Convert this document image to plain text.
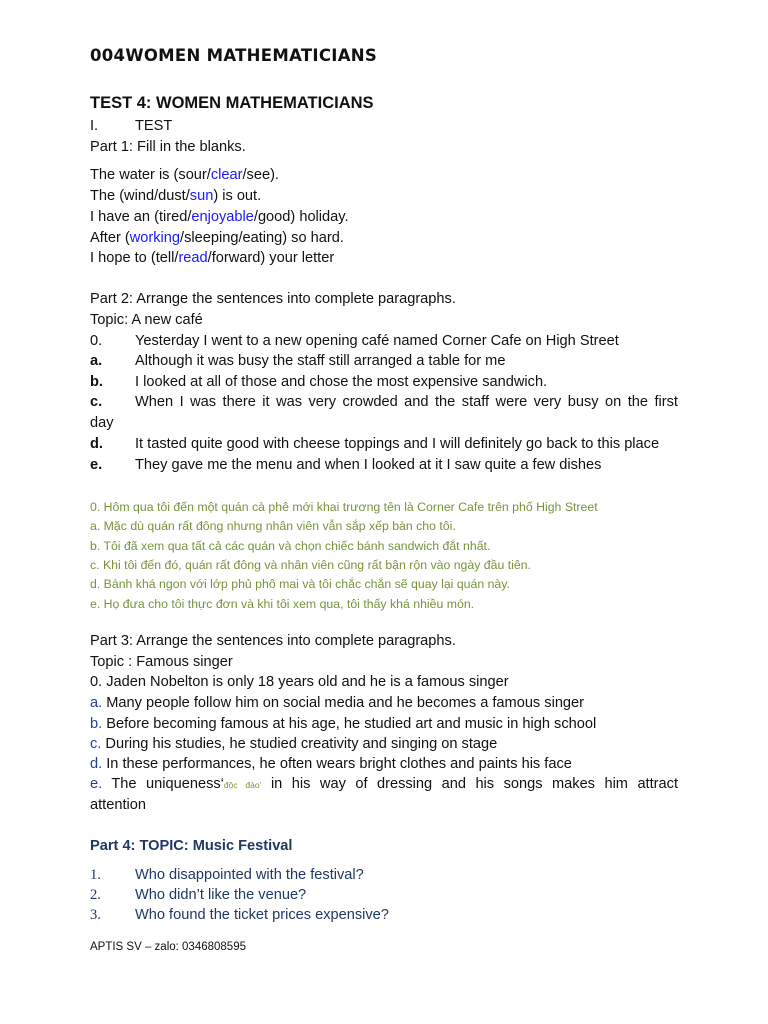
004WOMEN MATHEMATICIANS
TEST 4: WOMEN MATHEMATICIANS
I.	TEST
Part 1: Fill in the blanks.
The water is (sour/clear/see).
The (wind/dust/sun) is out.
I have an (tired/enjoyable/good) holiday.
After (working/sleeping/eating) so hard.
I hope to (tell/read/forward) your letter
Part 2: Arrange the sentences into complete paragraphs.
Topic: A new café
0. Yesterday I went to a new opening café named Corner Cafe on High Street
a. Although it was busy the staff still arranged a table for me
b. I looked at all of those and chose the most expensive sandwich.
c. When I was there it was very crowded and the staff were very busy on the first
day
d. It tasted quite good with cheese toppings and I will definitely go back to this place
e. They gave me the menu and when I looked at it I saw quite a few dishes
0. Hôm qua tôi đến một quán cà phê mới khai trương tên là Corner Cafe trên phố High Street
a. Mặc dù quán rất đông nhưng nhân viên vẫn sắp xếp bàn cho tôi.
b. Tôi đã xem qua tất cả các quán và chọn chiếc bánh sandwich đắt nhất.
c. Khi tôi đến đó, quán rất đông và nhân viên cũng rất bận rộn vào ngày đầu tiên.
d. Bánh khá ngon với lớp phủ phô mai và tôi chắc chắn sẽ quay lại quán này.
e. Họ đưa cho tôi thực đơn và khi tôi xem qua, tôi thấy khá nhiều món.
Part 3: Arrange the sentences into complete paragraphs.
Topic : Famous singer
0. Jaden Nobelton is only 18 years old and he is a famous singer
a. Many people follow him on social media and he becomes a famous singer
b. Before becoming famous at his age, he studied art and music in high school
c. During his studies, he studied creativity and singing on stage
d. In these performances, he often wears bright clothes and paints his face
e. The uniqueness‘độc đáo’ in his way of dressing and his songs makes him attract
attention
Part 4: TOPIC: Music Festival
1. Who disappointed with the festival?
2. Who didn’t like the venue?
3. Who found the ticket prices expensive?
APTIS SV – zalo: 0346808595
